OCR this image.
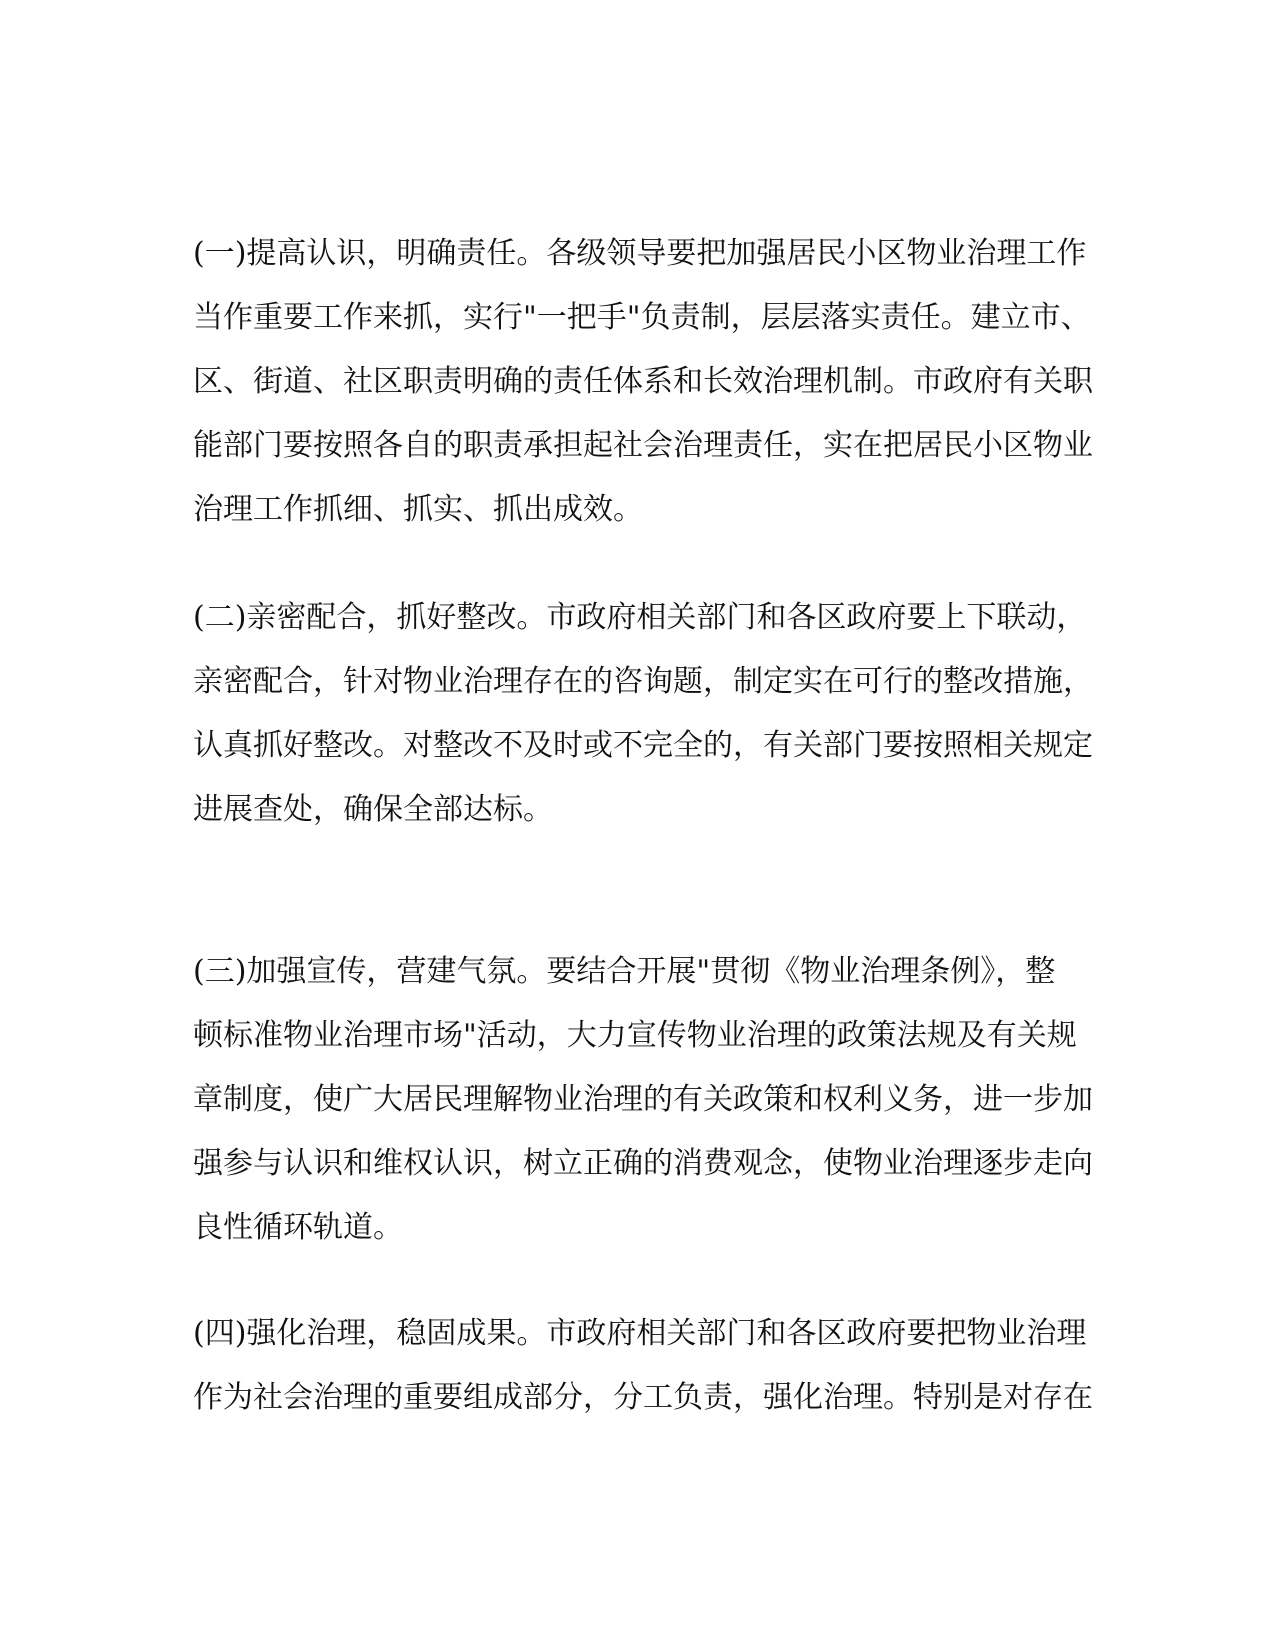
(一)提高认识，明确责任。各级领导要把加强居民小区物业治理工作
当作重要工作来抓，实行"一把手"负责制，层层落实责任。建立市、
区、街道、社区职责明确的责任体系和长效治理机制。市政府有关职
能部门要按照各自的职责承担起社会治理责任，实在把居民小区物业
治理工作抓细、抓实、抓出成效。
(二)亲密配合，抓好整改。市政府相关部门和各区政府要上下联动，
亲密配合，针对物业治理存在的咨询题，制定实在可行的整改措施，
认真抓好整改。对整改不及时或不完全的，有关部门要按照相关规定
进展查处，确保全部达标。
(三)加强宣传，营建气氛。要结合开展"贯彻《物业治理条例》，整
顿标准物业治理市场"活动，大力宣传物业治理的政策法规及有关规
章制度，使广大居民理解物业治理的有关政策和权利义务，进一步加
强参与认识和维权认识，树立正确的消费观念，使物业治理逐步走向
良性循环轨道。
(四)强化治理，稳固成果。市政府相关部门和各区政府要把物业治理
作为社会治理的重要组成部分，分工负责，强化治理。特别是对存在
